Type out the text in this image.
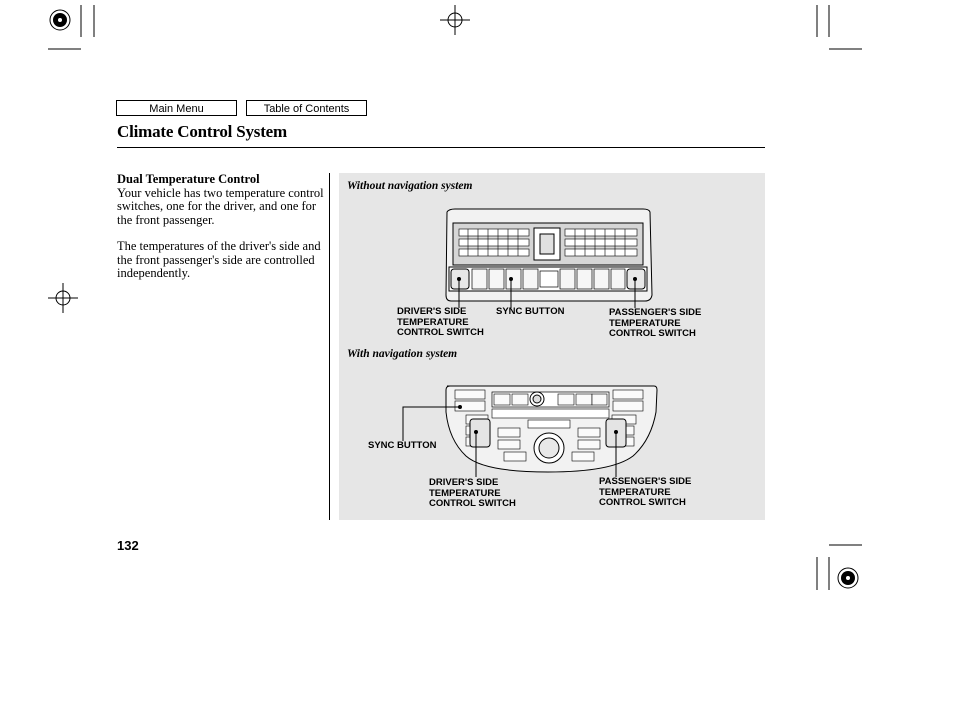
Main Menu	Table of Contents
Climate Control System
Dual Temperature Control

Your vehicle has two temperature control switches, one for the driver, and one for the front passenger.

The temperatures of the driver's side and the front passenger's side are controlled independently.

Without navigation system
With navigation system
DRIVER'S SIDE
TEMPERATURE
CONTROL SWITCH
SYNC BUTTON	PASSENGER'S SIDE
TEMPERATURE
CONTROL SWITCH
SYNC BUTTON
DRIVER'S SIDE
TEMPERATURE
CONTROL SWITCH
PASSENGER'S SIDE
TEMPERATURE
CONTROL SWITCH
132
